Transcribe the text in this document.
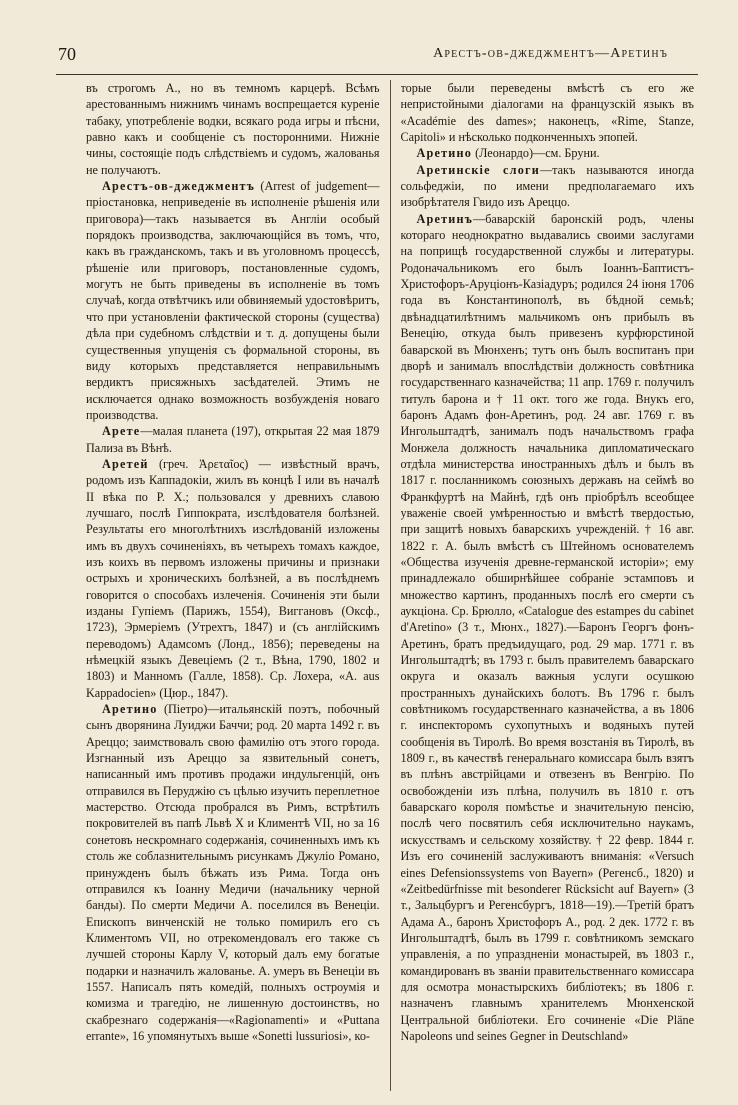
70	Арестъ-ов-джеджментъ—Аретинъ

въ строгомъ А., но въ темномъ карцерѣ. Всѣмъ арестованнымъ нижнимъ чинамъ воспрещается куреніе табаку, употребленіе водки, всякаго рода игры и пѣсни, равно какъ и сообщеніе съ посторонними. Нижніе чины, состоящіе подъ слѣдствіемъ и судомъ, жалованья не получаютъ.

Арестъ-ов-джеджментъ (Arrest of judgement—пріостановка, неприведеніе въ исполненіе рѣшенія или приговора)—такъ называется въ Англіи особый порядокъ производства, заключающійся въ томъ, что, какъ въ гражданскомъ, такъ и въ уголовномъ процессѣ, рѣшеніе или приговоръ, постановленные судомъ, могутъ не быть приведены въ исполненіе въ томъ случаѣ, когда отвѣтчикъ или обвиняемый удостовѣритъ, что при установленіи фактической стороны (существа) дѣла при судебномъ слѣдствіи и т. д. допущены были существенныя упущенія съ формальной стороны, въ виду которыхъ представляется неправильнымъ вердиктъ присяжныхъ засѣдателей. Этимъ не исключается однако возможность возбужденія новаго производства.

Арете—малая планета (197), открытая 22 мая 1879 Пализа въ Вѣнѣ.

Аретей (греч. Ἀρεταῖος) — извѣстный врачъ, родомъ изъ Каппадокіи, жилъ въ концѣ I или въ началѣ II вѣка по Р. Х.; пользовался у древнихъ славою лучшаго, послѣ Гиппократа, изслѣдователя болѣзней. Результаты его многолѣтнихъ изслѣдованій изложены имъ въ двухъ сочиненіяхъ, въ четырехъ томахъ каждое, изъ коихъ въ первомъ изложены причины и признаки острыхъ и хроническихъ болѣзней, а въ послѣднемъ говорится о способахъ излеченія. Сочиненія эти были изданы Гупіемъ (Парижъ, 1554), Виггановъ (Оксф., 1723), Эрмеріемъ (Утрехтъ, 1847) и (съ англійскимъ переводомъ) Адамсомъ (Лонд., 1856); переведены на нѣмецкій языкъ Девеціемъ (2 т., Вѣна, 1790, 1802 и 1803) и Манномъ (Галле, 1858). Ср. Лохера, «A. aus Kappadocien» (Цюр., 1847).

Аретино (Піетро)—итальянскій поэтъ, побочный сынъ дворянина Луиджи Баччи; род. 20 марта 1492 г. въ Ареццо; заимствовалъ свою фамилію отъ этого города. Изгнанный изъ Ареццо за язвительный сонетъ, написанный имъ противъ продажи индульгенцій, онъ отправился въ Перуджію съ цѣлью изучить переплетное мастерство. Отсюда пробрался въ Римъ, встрѣтилъ покровителей въ папѣ Львѣ X и Климентѣ VII, но за 16 сонетовъ нескромнаго содержанія, сочиненныхъ имъ къ столь же соблазнительнымъ рисункамъ Джуліо Романо, принужденъ былъ бѣжать изъ Рима. Тогда онъ отправился къ Іоанну Медичи (начальнику черной банды). По смерти Медичи А. поселился въ Венеціи. Епископъ винченскій не только помирилъ его съ Климентомъ VII, но отрекомендовалъ его также съ лучшей стороны Карлу V, который далъ ему богатые подарки и назначилъ жалованье. А. умеръ въ Венеціи въ 1557. Написалъ пять комедій, полныхъ остроумія и комизма и трагедію, не лишенную достоинствъ, но скабрезнаго содержанія—«Ragionamenti» и «Puttana errante», 16 упомянутыхъ выше «Sonetti lussuriosi», ко-

торые были переведены вмѣстѣ съ его же непристойными діалогами на французскій языкъ въ «Académie des dames»; наконецъ, «Rime, Stanze, Capitoli» и нѣсколько подконченныхъ эпопей.

Аретино (Леонардо)—см. Бруни.

Аретинскіе слоги—такъ называются иногда сольфеджіи, по имени предполагаемаго ихъ изобрѣтателя Гвидо изъ Ареццо.

Аретинъ—баварскій баронскій родъ, члены котораго неоднократно выдавались своими заслугами на поприщѣ государственной службы и литературы. Родоначальникомъ его былъ Іоаннъ-Баптистъ-Христофоръ-Аруціонъ-Казіадуръ; родился 24 іюня 1706 года въ Константинополѣ, въ бѣдной семьѣ; двѣнадцатилѣтнимъ мальчикомъ онъ прибылъ въ Венецію, откуда былъ привезенъ курфюрстиной баварской въ Мюнхенъ; тутъ онъ былъ воспитанъ при дворѣ и занималъ впослѣдствіи должность совѣтника государственнаго казначейства; 11 апр. 1769 г. получилъ титулъ барона и † 11 окт. того же года. Внукъ его, баронъ Адамъ фон-Аретинъ, род. 24 авг. 1769 г. въ Ингольштадтѣ, занималъ подъ начальствомъ графа Монжела должность начальника дипломатическаго отдѣла министерства иностранныхъ дѣлъ и былъ въ 1817 г. посланникомъ союзныхъ державъ на сеймѣ во Франкфуртѣ на Майнѣ, гдѣ онъ пріобрѣлъ всеобщее уваженіе своей умѣренностью и вмѣстѣ твердостью, при защитѣ новыхъ баварскихъ учрежденій. † 16 авг. 1822 г. А. былъ вмѣстѣ съ Штейномъ основателемъ «Общества изученія древне-германской исторіи»; ему принадлежало обширнѣйшее собраніе эстамповъ и множество картинъ, проданныхъ послѣ его смерти съ аукціона. Ср. Брюлло, «Catalogue des estampes du cabinet d'Aretino» (3 т., Мюнх., 1827).—Баронъ Георгъ фонъ-Аретинъ, братъ предъидущаго, род. 29 мар. 1771 г. въ Ингольштадтѣ; въ 1793 г. былъ правителемъ баварскаго округа и оказалъ важныя услуги осушкою пространныхъ дунайскихъ болотъ. Въ 1796 г. былъ совѣтникомъ государственнаго казначейства, а въ 1806 г. инспекторомъ сухопутныхъ и водяныхъ путей сообщенія въ Тиролѣ. Во время возстанія въ Тиролѣ, въ 1809 г., въ качествѣ генеральнаго комиссара былъ взятъ въ плѣнъ австрійцами и отвезенъ въ Венгрію. По освобожденіи изъ плѣна, получилъ въ 1810 г. отъ баварскаго короля помѣстье и значительную пенсію, послѣ чего посвятилъ себя исключительно наукамъ, искусствамъ и сельскому хозяйству. † 22 февр. 1844 г. Изъ его сочиненій заслуживаютъ вниманія: «Versuch eines Defensionssystems von Bayern» (Регенсб., 1820) и «Zeitbedürfnisse mit besonderer Rücksicht auf Bayern» (3 т., Зальцбургъ и Регенсбургъ, 1818—19).—Третій братъ Адама А., баронъ Христофоръ А., род. 2 дек. 1772 г. въ Ингольштадтѣ, былъ въ 1799 г. совѣтникомъ земскаго управленія, а по упраздненіи монастырей, въ 1803 г., командированъ въ званіи правительственнаго комиссара для осмотра монастырскихъ библіотекъ; въ 1806 г. назначенъ главнымъ хранителемъ Мюнхенской Центральной библіотеки. Его сочиненіе «Die Pläne Napoleons und seines Gegner in Deutschland»
